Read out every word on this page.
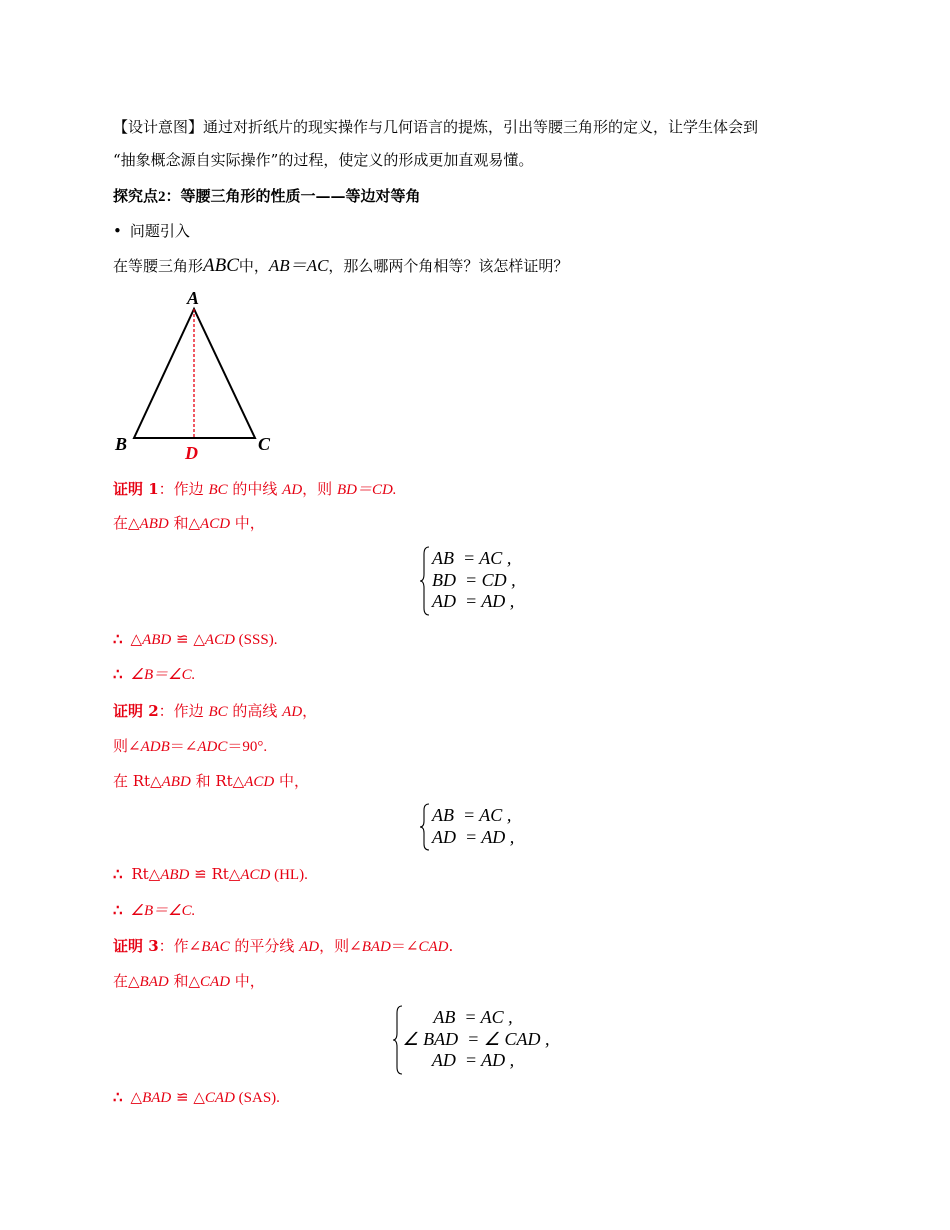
【设计意图】通过对折纸片的现实操作与几何语言的提炼，引出等腰三角形的定义，让学生体会到
“抽象概念源自实际操作”的过程，使定义的形成更加直观易懂。
探究点2：等腰三角形的性质一——等边对等角
• 问题引入
在等腰三角形ABC中，AB＝AC，那么哪两个角相等？该怎样证明？
A
B	C
D
证明 1：作边 BC 的中线 AD，则 BD＝CD.
在△ABD 和△ACD 中，
AB  = AC ,
BD  = CD ,
AD  = AD ,
∴ △ABD ≌ △ACD (SSS).
∴ ∠B＝∠C.
证明 2：作边 BC 的高线 AD，
则∠ADB＝∠ADC＝90°.
在 Rt△ABD 和 Rt△ACD 中，
AB  = AC ,
AD  = AD ,
∴ Rt△ABD ≌ Rt△ACD (HL).
∴ ∠B＝∠C.
证明 3：作∠BAC 的平分线 AD，则∠BAD＝∠CAD.
在△BAD 和△CAD 中，
AB  = AC ,
∠ BAD  = ∠ CAD ,
AD  = AD ,
∴ △BAD ≌ △CAD (SAS).
